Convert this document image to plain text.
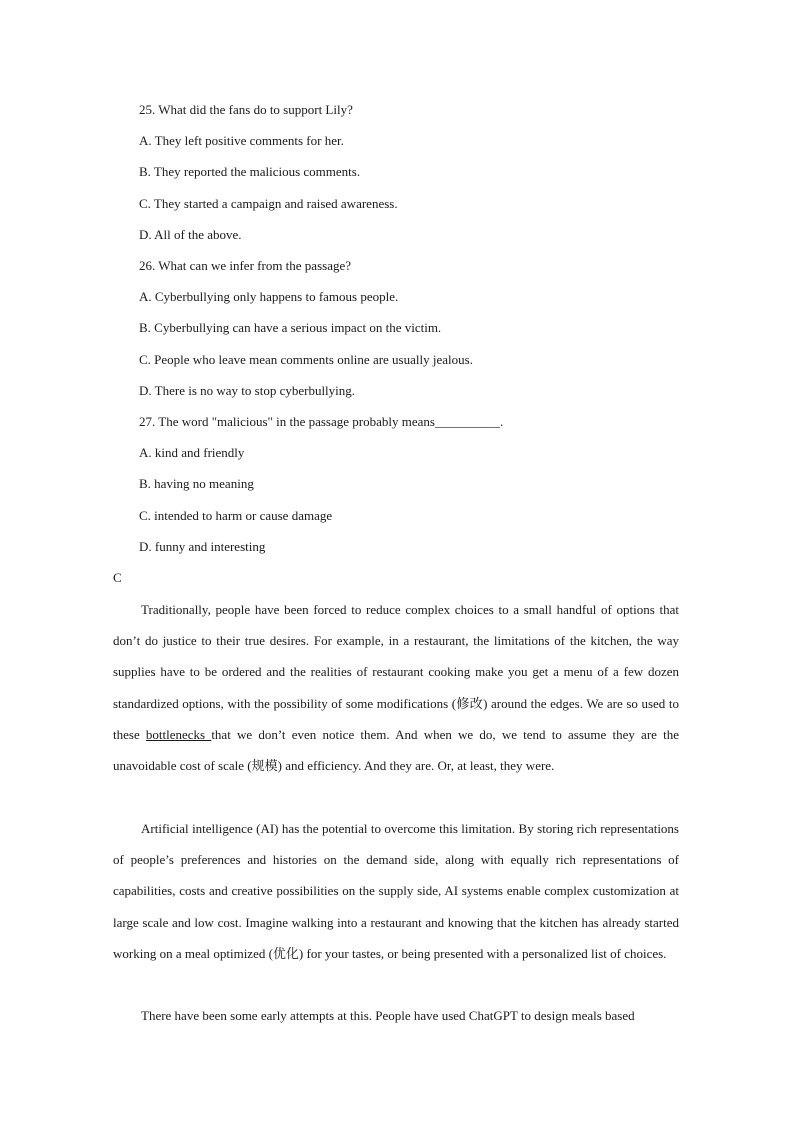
25. What did the fans do to support Lily?
A. They left positive comments for her.
B. They reported the malicious comments.
C. They started a campaign and raised awareness.
D. All of the above.
26. What can we infer from the passage?
A. Cyberbullying only happens to famous people.
B. Cyberbullying can have a serious impact on the victim.
C. People who leave mean comments online are usually jealous.
D. There is no way to stop cyberbullying.
27. The word "malicious" in the passage probably means__________.
A. kind and friendly
B. having no meaning
C. intended to harm or cause damage
D. funny and interesting
C

Traditionally, people have been forced to reduce complex choices to a small handful of options that don’t do justice to their true desires. For example, in a restaurant, the limitations of the kitchen, the way supplies have to be ordered and the realities of restaurant cooking make you get a menu of a few dozen standardized options, with the possibility of some modifications (修改) around the edges. We are so used to these bottlenecks that we don’t even notice them. And when we do, we tend to assume they are the unavoidable cost of scale (规模) and efficiency. And they are. Or, at least, they were.

Artificial intelligence (AI) has the potential to overcome this limitation. By storing rich representations of people’s preferences and histories on the demand side, along with equally rich representations of capabilities, costs and creative possibilities on the supply side, AI systems enable complex customization at large scale and low cost. Imagine walking into a restaurant and knowing that the kitchen has already started working on a meal optimized (优化) for your tastes, or being presented with a personalized list of choices.

There have been some early attempts at this. People have used ChatGPT to design meals based
